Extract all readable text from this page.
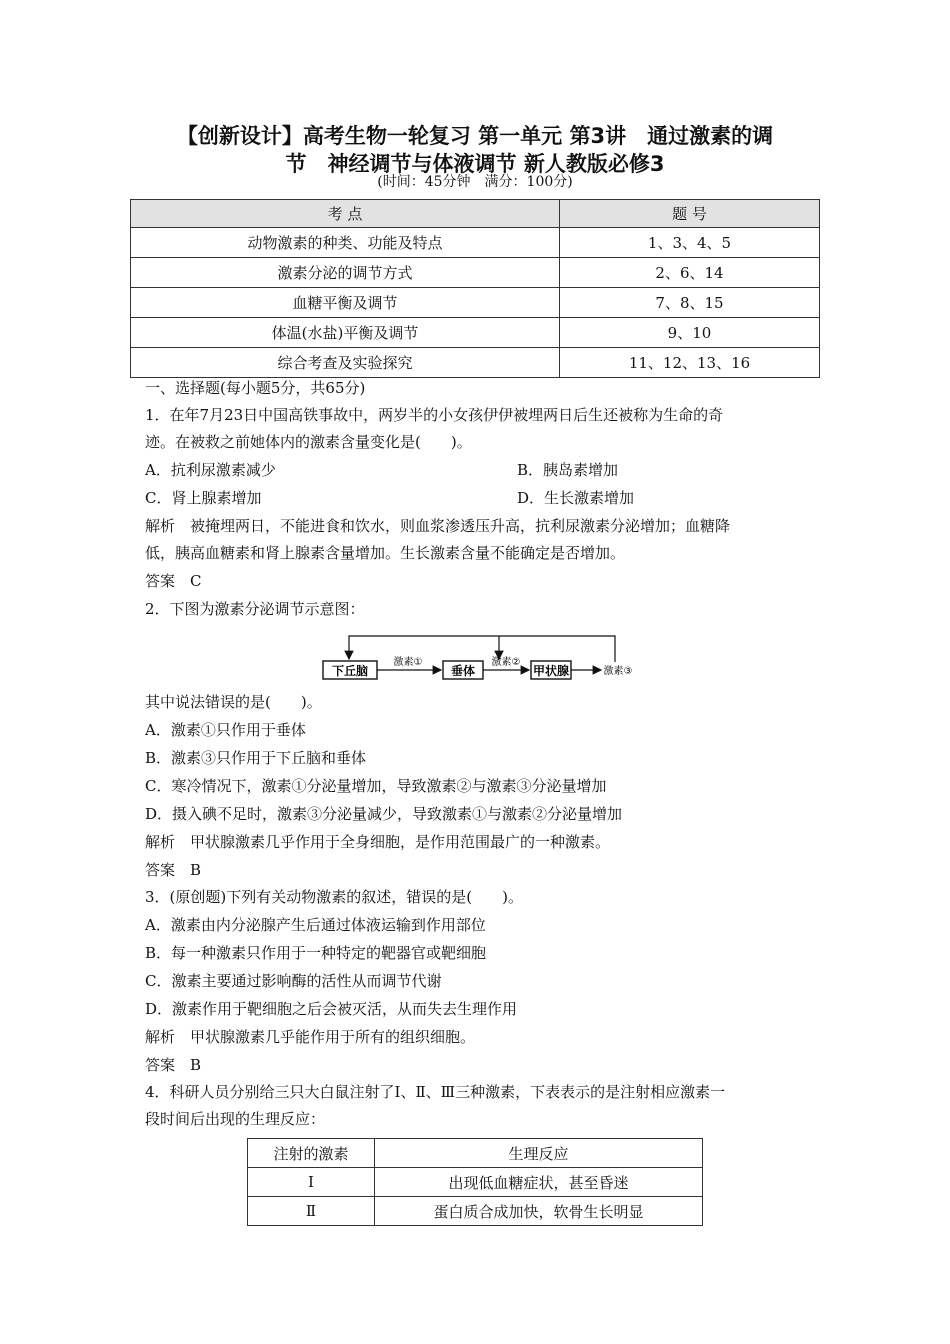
【创新设计】高考生物一轮复习 第一单元 第3讲　通过激素的调
节　神经调节与体液调节 新人教版必修3
(时间：45分钟　满分：100分)
考 点	题 号
动物激素的种类、功能及特点	1、3、4、5
激素分泌的调节方式	2、6、14
血糖平衡及调节	7、8、15
体温(水盐)平衡及调节	9、10
综合考查及实验探究	11、12、13、16
一、选择题(每小题5分，共65分)
1．在年7月23日中国高铁事故中，两岁半的小女孩伊伊被埋两日后生还被称为生命的奇
迹。在被救之前她体内的激素含量变化是(　　)。
A．抗利尿激素减少	B．胰岛素增加
C．肾上腺素增加	D．生长激素增加
解析　被掩埋两日，不能进食和饮水，则血浆渗透压升高，抗利尿激素分泌增加；血糖降
低，胰高血糖素和肾上腺素含量增加。生长激素含量不能确定是否增加。
答案　C
2．下图为激素分泌调节示意图：
下丘脑	垂体	甲状腺
激素①	激素②
激素③
其中说法错误的是(　　)。
A．激素①只作用于垂体
B．激素③只作用于下丘脑和垂体
C．寒冷情况下，激素①分泌量增加，导致激素②与激素③分泌量增加
D．摄入碘不足时，激素③分泌量减少，导致激素①与激素②分泌量增加
解析　甲状腺激素几乎作用于全身细胞，是作用范围最广的一种激素。
答案　B
3．(原创题)下列有关动物激素的叙述，错误的是(　　)。
A．激素由内分泌腺产生后通过体液运输到作用部位
B．每一种激素只作用于一种特定的靶器官或靶细胞
C．激素主要通过影响酶的活性从而调节代谢
D．激素作用于靶细胞之后会被灭活，从而失去生理作用
解析　甲状腺激素几乎能作用于所有的组织细胞。
答案　B
4．科研人员分别给三只大白鼠注射了Ⅰ、Ⅱ、Ⅲ三种激素，下表表示的是注射相应激素一
段时间后出现的生理反应：
注射的激素	生理反应
Ⅰ	出现低血糖症状，甚至昏迷
Ⅱ	蛋白质合成加快，软骨生长明显
